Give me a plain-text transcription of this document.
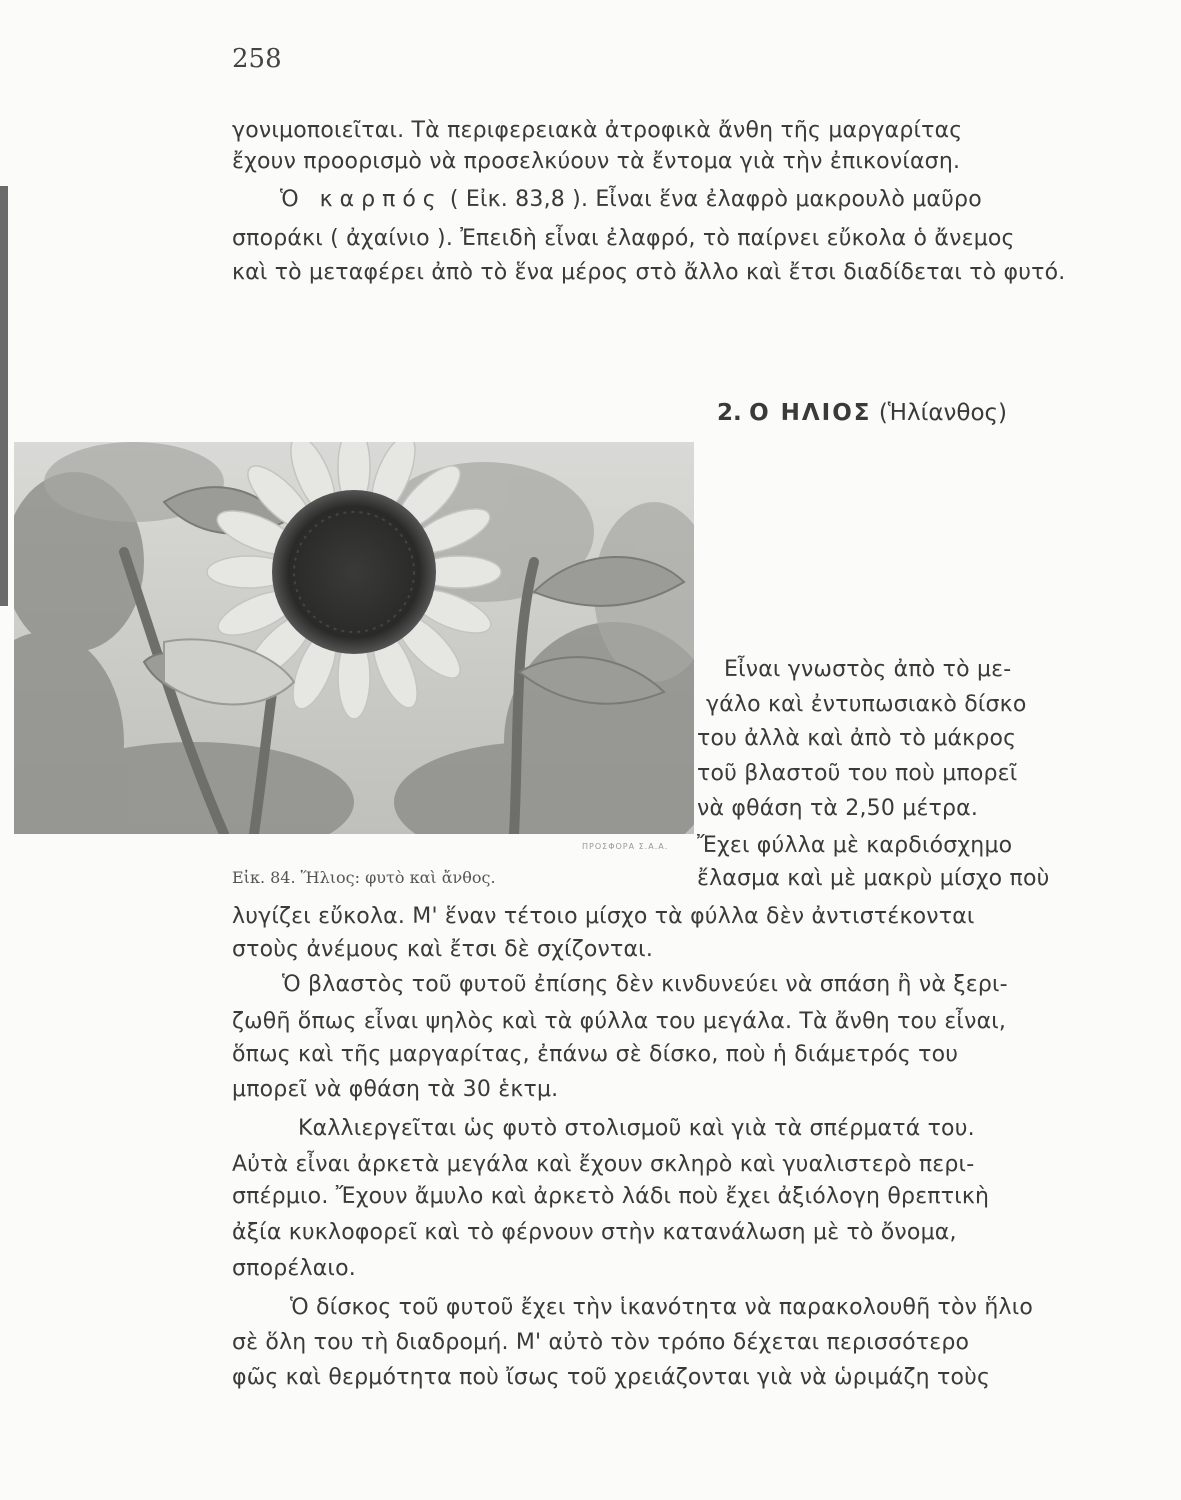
258
γονιμοποιεῖται. Τὰ περιφερειακὰ ἀτροφικὰ ἄνθη τῆς μαργαρίτας
ἔχουν προορισμὸ νὰ προσελκύουν τὰ ἔντομα γιὰ τὴν ἐπικονίαση.
Ὁ καρπός ( Εἰκ. 83,8 ). Εἶναι ἕνα ἐλαφρὸ μακρουλὸ μαῦρο
σποράκι ( ἀχαίνιο ). Ἐπειδὴ εἶναι ἐλαφρό, τὸ παίρνει εὔκολα ὁ ἄνεμος
καὶ τὸ μεταφέρει ἀπὸ τὸ ἕνα μέρος στὸ ἄλλο καὶ ἔτσι διαδίδεται τὸ φυτό.
2. Ο ΗΛΙΟΣ (Ἡλίανθος)
ΠΡΟΣΦΟΡΑ Σ.Α.Α.
Εἰκ. 84. Ἥλιος: φυτὸ καὶ ἄνθος.
Εἶναι γνωστὸς ἀπὸ τὸ με-
γάλο καὶ ἐντυπωσιακὸ δίσκο
του ἀλλὰ καὶ ἀπὸ τὸ μάκρος
τοῦ βλαστοῦ του ποὺ μπορεῖ
νὰ φθάση τὰ 2,50 μέτρα.
Ἔχει φύλλα μὲ καρδιόσχημο
ἔλασμα καὶ μὲ μακρὺ μίσχο ποὺ
λυγίζει εὔκολα. Μ' ἕναν τέτοιο μίσχο τὰ φύλλα δὲν ἀντιστέκονται
στοὺς ἀνέμους καὶ ἔτσι δὲ σχίζονται.
Ὁ βλαστὸς τοῦ φυτοῦ ἐπίσης δὲν κινδυνεύει νὰ σπάση ἢ νὰ ξερι-
ζωθῆ ὅπως εἶναι ψηλὸς καὶ τὰ φύλλα του μεγάλα. Τὰ ἄνθη του εἶναι,
ὅπως καὶ τῆς μαργαρίτας, ἐπάνω σὲ δίσκο, ποὺ ἡ διάμετρός του
μπορεῖ νὰ φθάση τὰ 30 ἑκτμ.
Καλλιεργεῖται ὡς φυτὸ στολισμοῦ καὶ γιὰ τὰ σπέρματά του.
Αὐτὰ εἶναι ἀρκετὰ μεγάλα καὶ ἔχουν σκληρὸ καὶ γυαλιστερὸ περι-
σπέρμιο. Ἔχουν ἄμυλο καὶ ἀρκετὸ λάδι ποὺ ἔχει ἀξιόλογη θρεπτικὴ
ἀξία κυκλοφορεῖ καὶ τὸ φέρνουν στὴν κατανάλωση μὲ τὸ ὄνομα,
σπορέλαιο.
Ὁ δίσκος τοῦ φυτοῦ ἔχει τὴν ἱκανότητα νὰ παρακολουθῆ τὸν ἥλιο
σὲ ὅλη του τὴ διαδρομή. Μ' αὐτὸ τὸν τρόπο δέχεται περισσότερο
φῶς καὶ θερμότητα ποὺ ἴσως τοῦ χρειάζονται γιὰ νὰ ὡριμάζη τοὺς
